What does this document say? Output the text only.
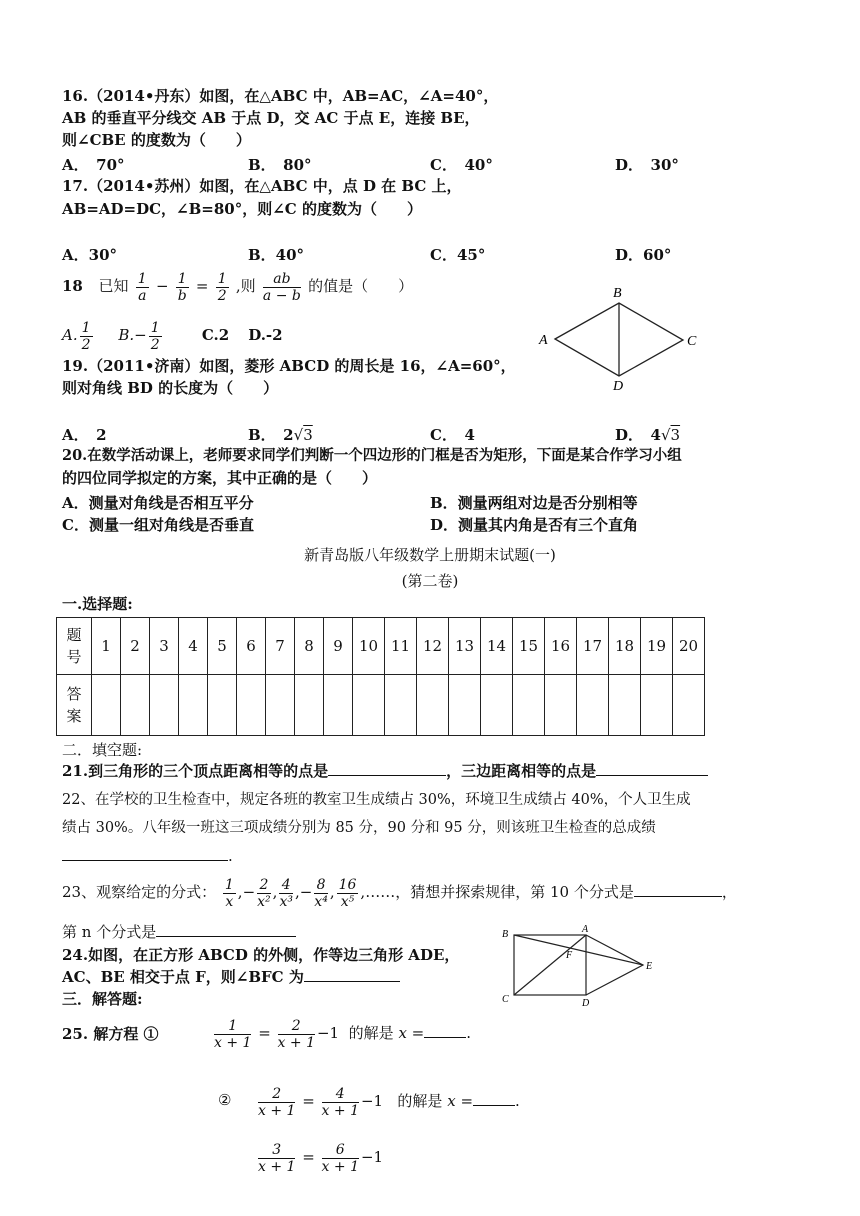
16.（2014•丹东）如图，在△ABC 中，AB=AC，∠A=40°，
AB 的垂直平分线交 AB 于点 D，交 AC 于点 E，连接 BE，
则∠CBE 的度数为（　　）
A．　70°	B．　80°	C．　40°	D．　30°
17.（2014•苏州）如图，在△ABC 中，点 D 在 BC 上，
AB=AD=DC，∠B=80°，则∠C 的度数为（　　）
A．30°	B．40°	C．45°	D．60°
18 已知 $\frac{1}{a} - \frac{1}{b} = \frac{1}{2}$ ,则 $\frac{ab}{a - b}$ 的值是（　　）
A. $\frac{1}{2} B.- \frac{1}{2}$	C.2 D.-2	A
B
C
D
19.（2011•济南）如图，菱形 ABCD 的周长是 16，∠A=60°，
则对角线 BD 的长度为（　　）
A．　2	B．　2√3	C．　4	D．　4√3
20.在数学活动课上，老师要求同学们判断一个四边形的门框是否为矩形，下面是某合作学习小组
的四位同学拟定的方案，其中正确的是（　　）
A．测量对角线是否相互平分	B．测量两组对边是否分别相等
C．测量一组对角线是否垂直	D．测量其内角是否有三个直角
新青岛版八年级数学上册期末试题(一)
(第二卷)
一.选择题:
题号	1	2	3	4	5	6	7	8	9	10	11	12	13	14	15	16	17	18	19	20
答案																				
二．填空题:
21.到三角形的三个顶点距离相等的点是	，三边距离相等的点是
22、在学校的卫生检查中，规定各班的教室卫生成绩占 30%，环境卫生成绩占 40%，个人卫生成
绩占 30%。八年级一班这三项成绩分别为 85 分，90 分和 95 分，则该班卫生检查的总成绩
.
23、观察给定的分式： $\frac{1}{x}$ ,− $\frac{2}{\text{x²}}$ , $\frac{4}{\text{x³}}$ ,− $\frac{8}{\text{x⁴}}$ , $\frac{16}{\text{x⁵}}$ ,……，猜想并探索规律，第 10 个分式是	，
第 n 个分式是
24.如图，在正方形 ABCD 的外侧，作等边三角形 ADE，
AC、BE 相交于点 F，则∠BFC 为
B	A
C	D
E
F
三．解答题:
25. 解方程 ①	$\frac{1}{x + 1} = \frac{2}{x + 1} -1$ 的解是 x =	.
② $\frac{2}{x + 1} = \frac{4}{x + 1} -1$ 的解是 x =	.
$\frac{3}{x + 1} = \frac{6}{x + 1} -1$
